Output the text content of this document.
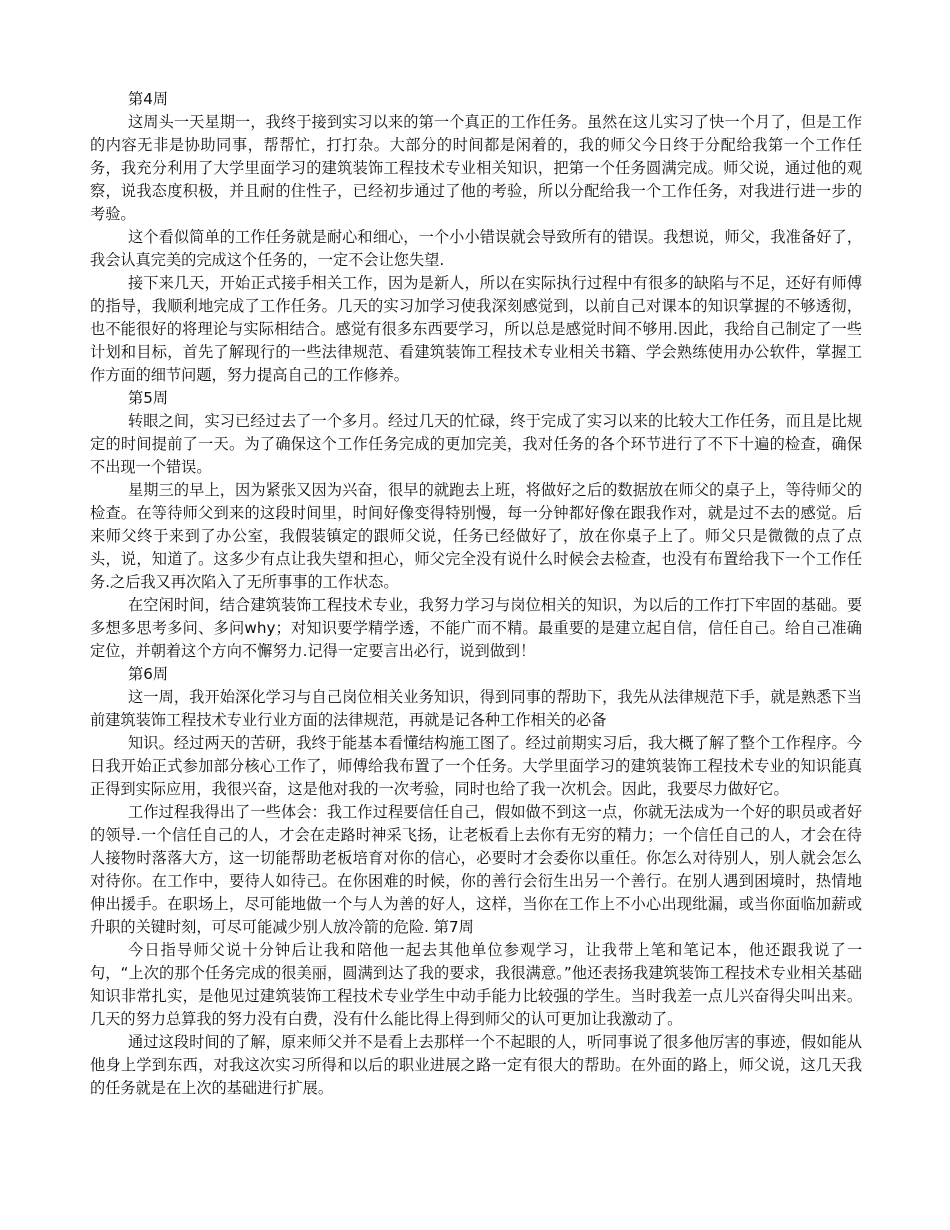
第4周

这周头一天星期一，我终于接到实习以来的第一个真正的工作任务。虽然在这儿实习了快一个月了，但是工作的内容无非是协助同事，帮帮忙，打打杂。大部分的时间都是闲着的，我的师父今日终于分配给我第一个工作任务，我充分利用了大学里面学习的建筑装饰工程技术专业相关知识，把第一个任务圆满完成。师父说，通过他的观察，说我态度积极，并且耐的住性子，已经初步通过了他的考验，所以分配给我一个工作任务，对我进行进一步的考验。

这个看似简单的工作任务就是耐心和细心，一个小小错误就会导致所有的错误。我想说，师父，我准备好了，我会认真完美的完成这个任务的，一定不会让您失望.

接下来几天，开始正式接手相关工作，因为是新人，所以在实际执行过程中有很多的缺陷与不足，还好有师傅的指导，我顺利地完成了工作任务。几天的实习加学习使我深刻感觉到，以前自己对课本的知识掌握的不够透彻，也不能很好的将理论与实际相结合。感觉有很多东西要学习，所以总是感觉时间不够用.因此，我给自己制定了一些计划和目标，首先了解现行的一些法律规范、看建筑装饰工程技术专业相关书籍、学会熟练使用办公软件，掌握工作方面的细节问题，努力提高自己的工作修养。

第5周

转眼之间，实习已经过去了一个多月。经过几天的忙碌，终于完成了实习以来的比较大工作任务，而且是比规定的时间提前了一天。为了确保这个工作任务完成的更加完美，我对任务的各个环节进行了不下十遍的检查，确保不出现一个错误。

星期三的早上，因为紧张又因为兴奋，很早的就跑去上班，将做好之后的数据放在师父的桌子上，等待师父的检查。在等待师父到来的这段时间里，时间好像变得特别慢，每一分钟都好像在跟我作对，就是过不去的感觉。后来师父终于来到了办公室，我假装镇定的跟师父说，任务已经做好了，放在你桌子上了。师父只是微微的点了点头，说，知道了。这多少有点让我失望和担心，师父完全没有说什么时候会去检查，也没有布置给我下一个工作任务.之后我又再次陷入了无所事事的工作状态。

在空闲时间，结合建筑装饰工程技术专业，我努力学习与岗位相关的知识，为以后的工作打下牢固的基础。要多想多思考多问、多问why；对知识要学精学透，不能广而不精。最重要的是建立起自信，信任自己。给自己准确定位，并朝着这个方向不懈努力.记得一定要言出必行，说到做到！

第6周

这一周，我开始深化学习与自己岗位相关业务知识，得到同事的帮助下，我先从法律规范下手，就是熟悉下当前建筑装饰工程技术专业行业方面的法律规范，再就是记各种工作相关的必备

知识。经过两天的苦研，我终于能基本看懂结构施工图了。经过前期实习后，我大概了解了整个工作程序。今日我开始正式参加部分核心工作了，师傅给我布置了一个任务。大学里面学习的建筑装饰工程技术专业的知识能真正得到实际应用，我很兴奋，这是他对我的一次考验，同时也给了我一次机会。因此，我要尽力做好它。

工作过程我得出了一些体会：我工作过程要信任自己，假如做不到这一点，你就无法成为一个好的职员或者好的领导.一个信任自己的人，才会在走路时神采飞扬，让老板看上去你有无穷的精力；一个信任自己的人，才会在待人接物时落落大方，这一切能帮助老板培育对你的信心，必要时才会委你以重任。你怎么对待别人，别人就会怎么对待你。在工作中，要待人如待己。在你困难的时候，你的善行会衍生出另一个善行。在别人遇到困境时，热情地伸出援手。在职场上，尽可能地做一个与人为善的好人，这样，当你在工作上不小心出现纰漏，或当你面临加薪或升职的关键时刻，可尽可能减少别人放冷箭的危险. 第7周

今日指导师父说十分钟后让我和陪他一起去其他单位参观学习，让我带上笔和笔记本，他还跟我说了一句，“上次的那个任务完成的很美丽，圆满到达了我的要求，我很满意。”他还表扬我建筑装饰工程技术专业相关基础知识非常扎实，是他见过建筑装饰工程技术专业学生中动手能力比较强的学生。当时我差一点儿兴奋得尖叫出来。几天的努力总算我的努力没有白费，没有什么能比得上得到师父的认可更加让我激动了。

通过这段时间的了解，原来师父并不是看上去那样一个不起眼的人，听同事说了很多他厉害的事迹，假如能从他身上学到东西，对我这次实习所得和以后的职业进展之路一定有很大的帮助。在外面的路上，师父说，这几天我的任务就是在上次的基础进行扩展。
